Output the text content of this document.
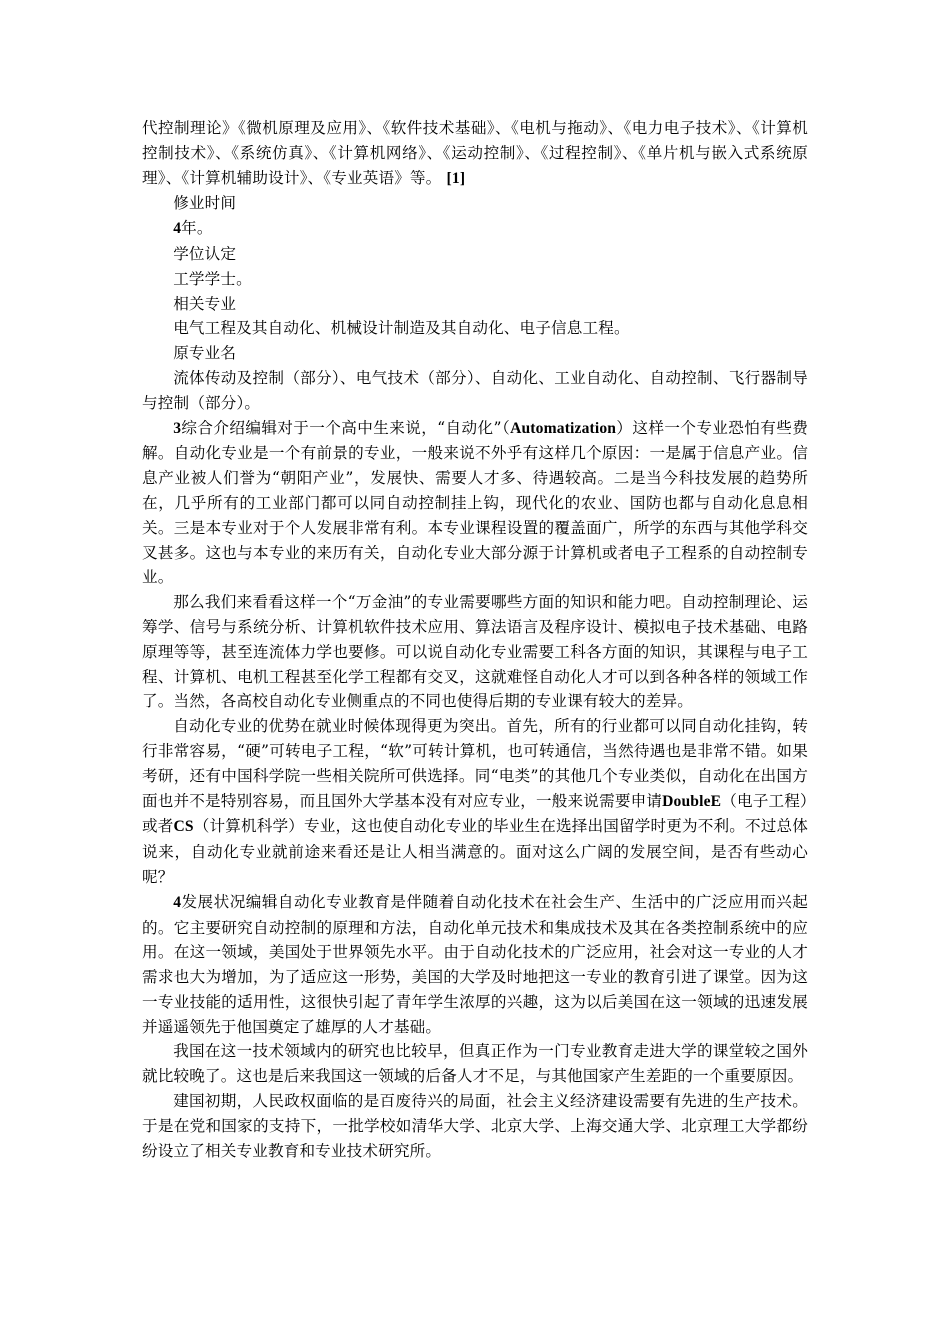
代控制理论》《微机原理及应用》、《软件技术基础》、《电机与拖动》、《电力电子技术》、《计算机控制技术》、《系统仿真》、《计算机网络》、《运动控制》、《过程控制》、《单片机与嵌入式系统原理》、《计算机辅助设计》、《专业英语》等。 [1]

修业时间

4年。

学位认定

工学学士。

相关专业

电气工程及其自动化、机械设计制造及其自动化、电子信息工程。

原专业名

流体传动及控制（部分）、电气技术（部分）、自动化、工业自动化、自动控制、飞行器制导与控制（部分）。

3综合介绍编辑对于一个高中生来说，“自动化”（Automatization）这样一个专业恐怕有些费解。自动化专业是一个有前景的专业，一般来说不外乎有这样几个原因：一是属于信息产业。信息产业被人们誉为“朝阳产业”，发展快、需要人才多、待遇较高。二是当今科技发展的趋势所在，几乎所有的工业部门都可以同自动控制挂上钩，现代化的农业、国防也都与自动化息息相关。三是本专业对于个人发展非常有利。本专业课程设置的覆盖面广，所学的东西与其他学科交叉甚多。这也与本专业的来历有关，自动化专业大部分源于计算机或者电子工程系的自动控制专业。

那么我们来看看这样一个“万金油”的专业需要哪些方面的知识和能力吧。自动控制理论、运筹学、信号与系统分析、计算机软件技术应用、算法语言及程序设计、模拟电子技术基础、电路原理等等，甚至连流体力学也要修。可以说自动化专业需要工科各方面的知识，其课程与电子工程、计算机、电机工程甚至化学工程都有交叉，这就难怪自动化人才可以到各种各样的领域工作了。当然，各高校自动化专业侧重点的不同也使得后期的专业课有较大的差异。

自动化专业的优势在就业时候体现得更为突出。首先，所有的行业都可以同自动化挂钩，转行非常容易，“硬”可转电子工程，“软”可转计算机，也可转通信，当然待遇也是非常不错。如果考研，还有中国科学院一些相关院所可供选择。同“电类”的其他几个专业类似，自动化在出国方面也并不是特别容易，而且国外大学基本没有对应专业，一般来说需要申请DoubleE（电子工程）或者CS（计算机科学）专业，这也使自动化专业的毕业生在选择出国留学时更为不利。不过总体说来，自动化专业就前途来看还是让人相当满意的。面对这么广阔的发展空间，是否有些动心呢？

4发展状况编辑自动化专业教育是伴随着自动化技术在社会生产、生活中的广泛应用而兴起的。它主要研究自动控制的原理和方法，自动化单元技术和集成技术及其在各类控制系统中的应用。在这一领域，美国处于世界领先水平。由于自动化技术的广泛应用，社会对这一专业的人才需求也大为增加，为了适应这一形势，美国的大学及时地把这一专业的教育引进了课堂。因为这一专业技能的适用性，这很快引起了青年学生浓厚的兴趣，这为以后美国在这一领域的迅速发展并遥遥领先于他国奠定了雄厚的人才基础。

我国在这一技术领域内的研究也比较早，但真正作为一门专业教育走进大学的课堂较之国外就比较晚了。这也是后来我国这一领域的后备人才不足，与其他国家产生差距的一个重要原因。

建国初期，人民政权面临的是百废待兴的局面，社会主义经济建设需要有先进的生产技术。于是在党和国家的支持下，一批学校如清华大学、北京大学、上海交通大学、北京理工大学都纷纷设立了相关专业教育和专业技术研究所。
